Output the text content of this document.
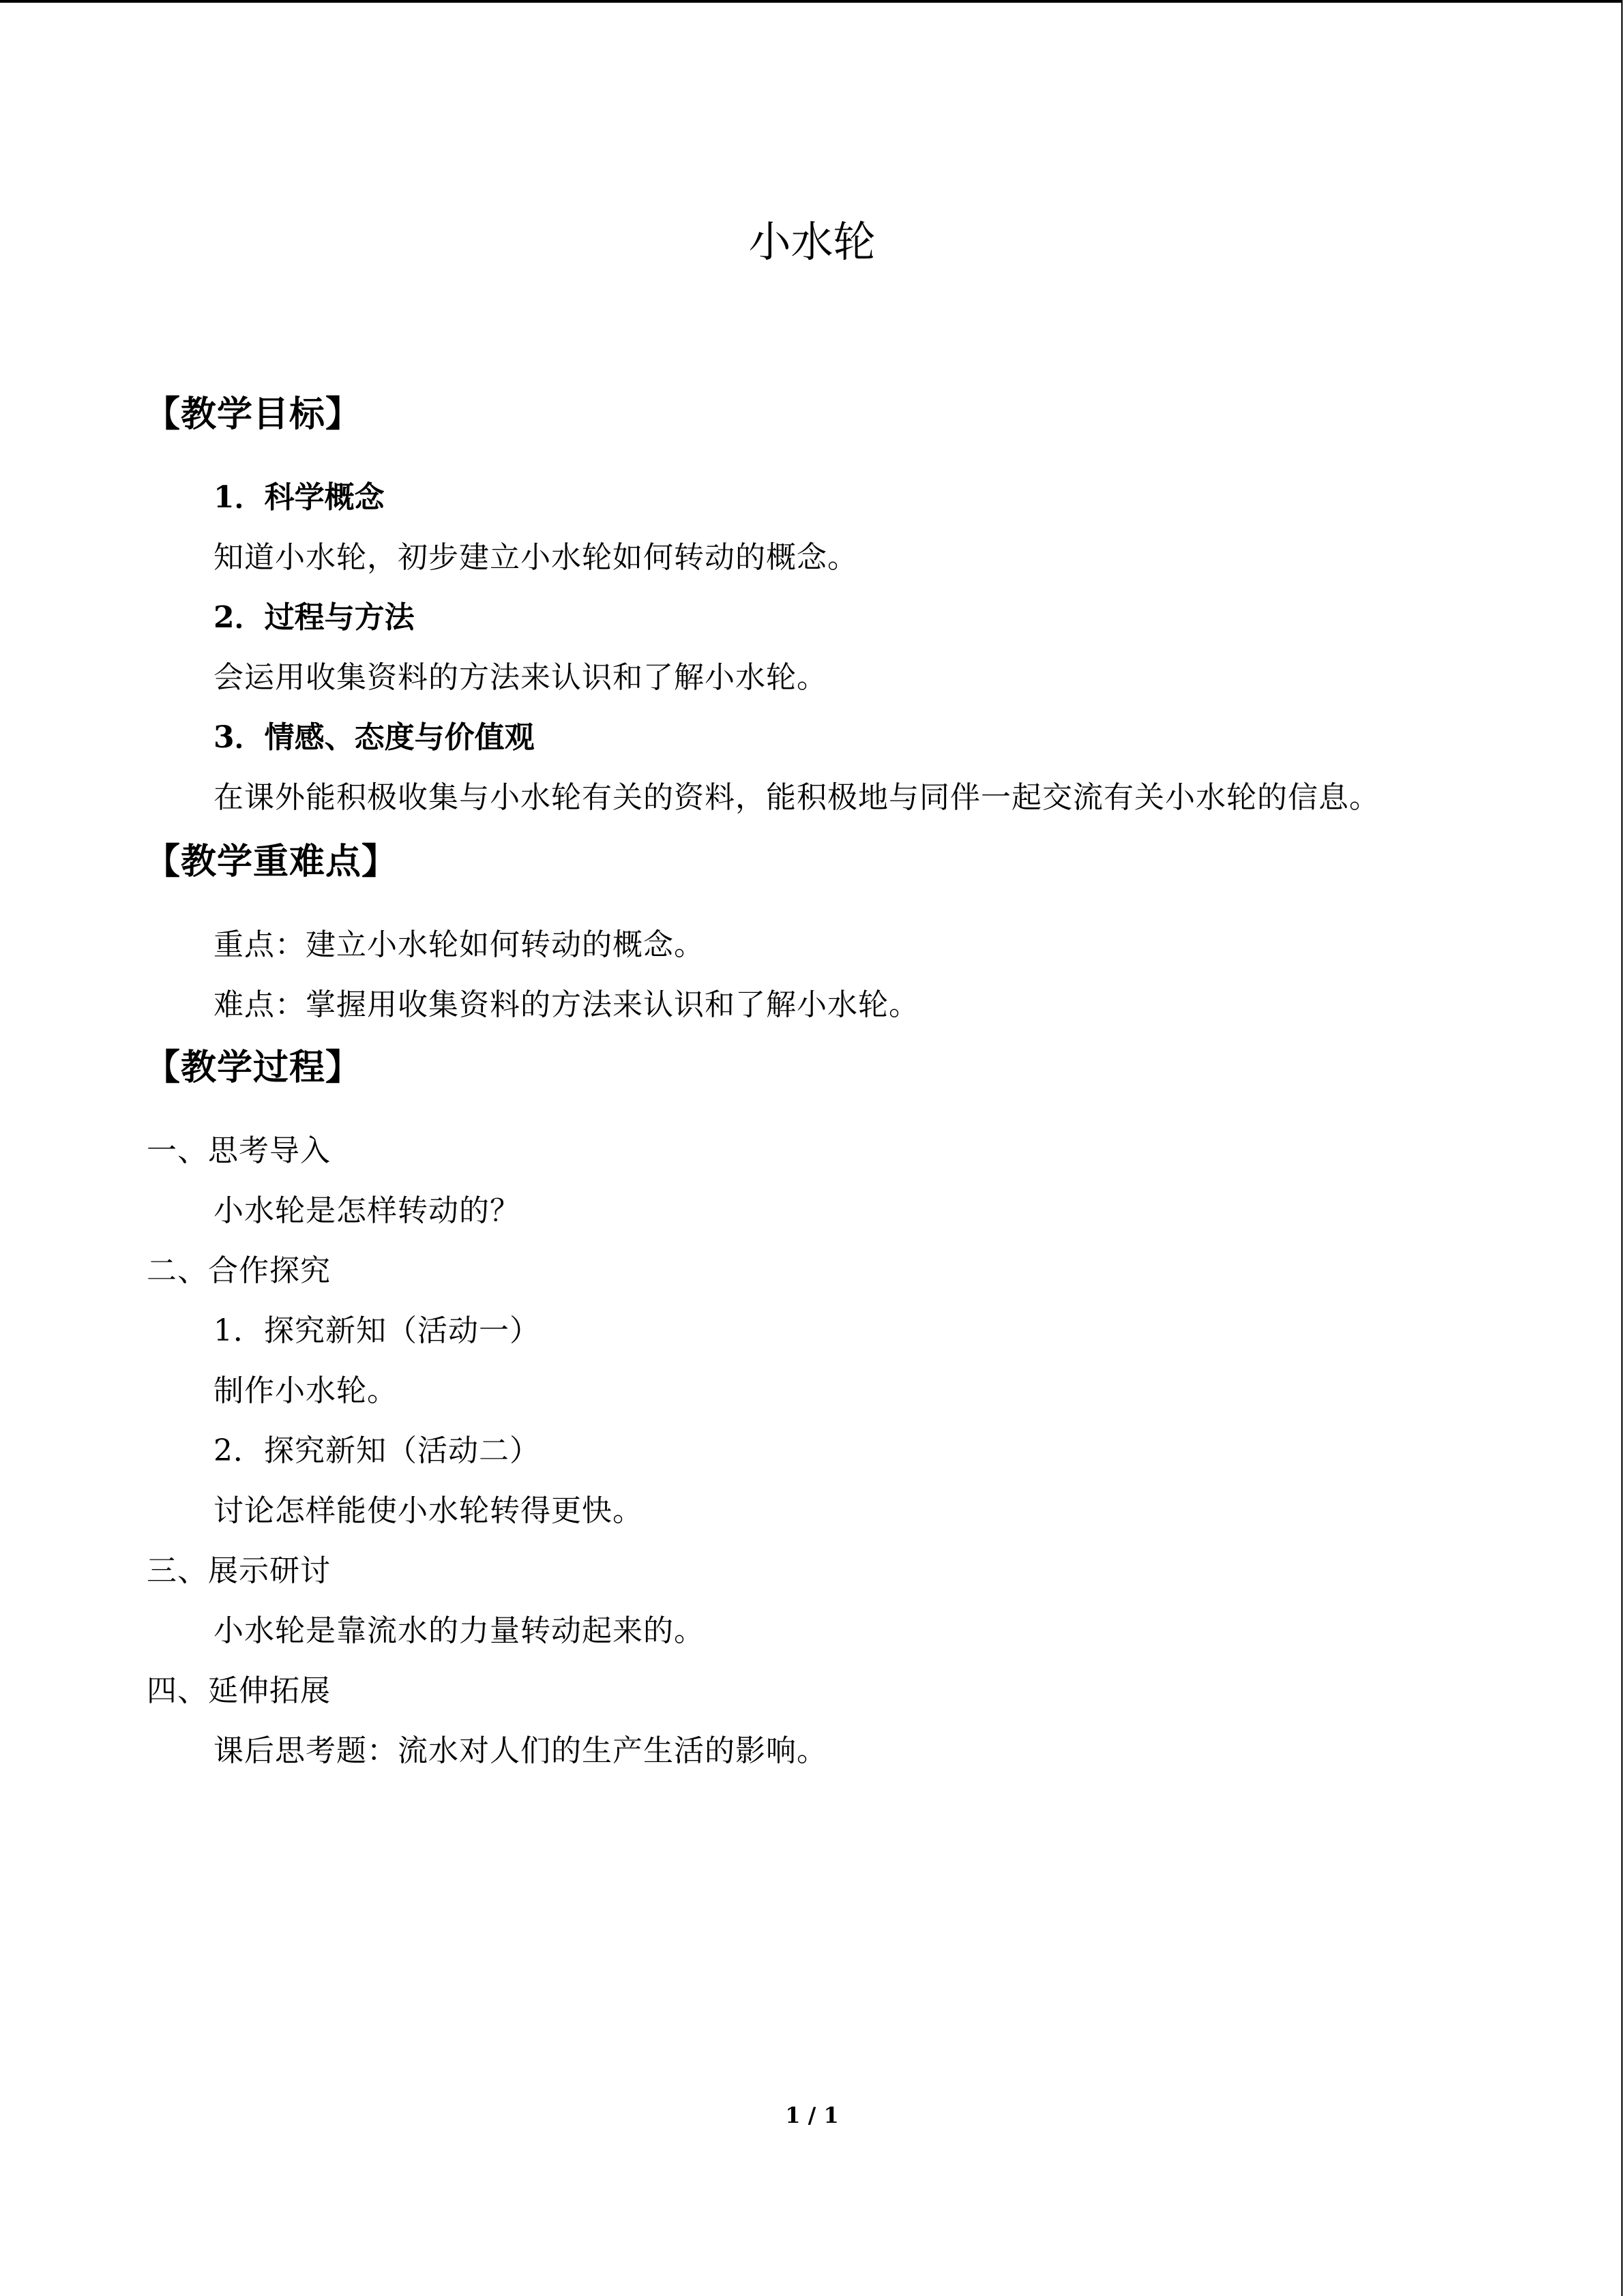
小水轮
【教学目标】
1．科学概念
知道小水轮，初步建立小水轮如何转动的概念。
2．过程与方法
会运用收集资料的方法来认识和了解小水轮。
3．情感、态度与价值观
在课外能积极收集与小水轮有关的资料，能积极地与同伴一起交流有关小水轮的信息。
【教学重难点】
重点：建立小水轮如何转动的概念。
难点：掌握用收集资料的方法来认识和了解小水轮。
【教学过程】
一、思考导入
小水轮是怎样转动的？
二、合作探究
1．探究新知（活动一）
制作小水轮。
2．探究新知（活动二）
讨论怎样能使小水轮转得更快。
三、展示研讨
小水轮是靠流水的力量转动起来的。
四、延伸拓展
课后思考题：流水对人们的生产生活的影响。
1 / 1
